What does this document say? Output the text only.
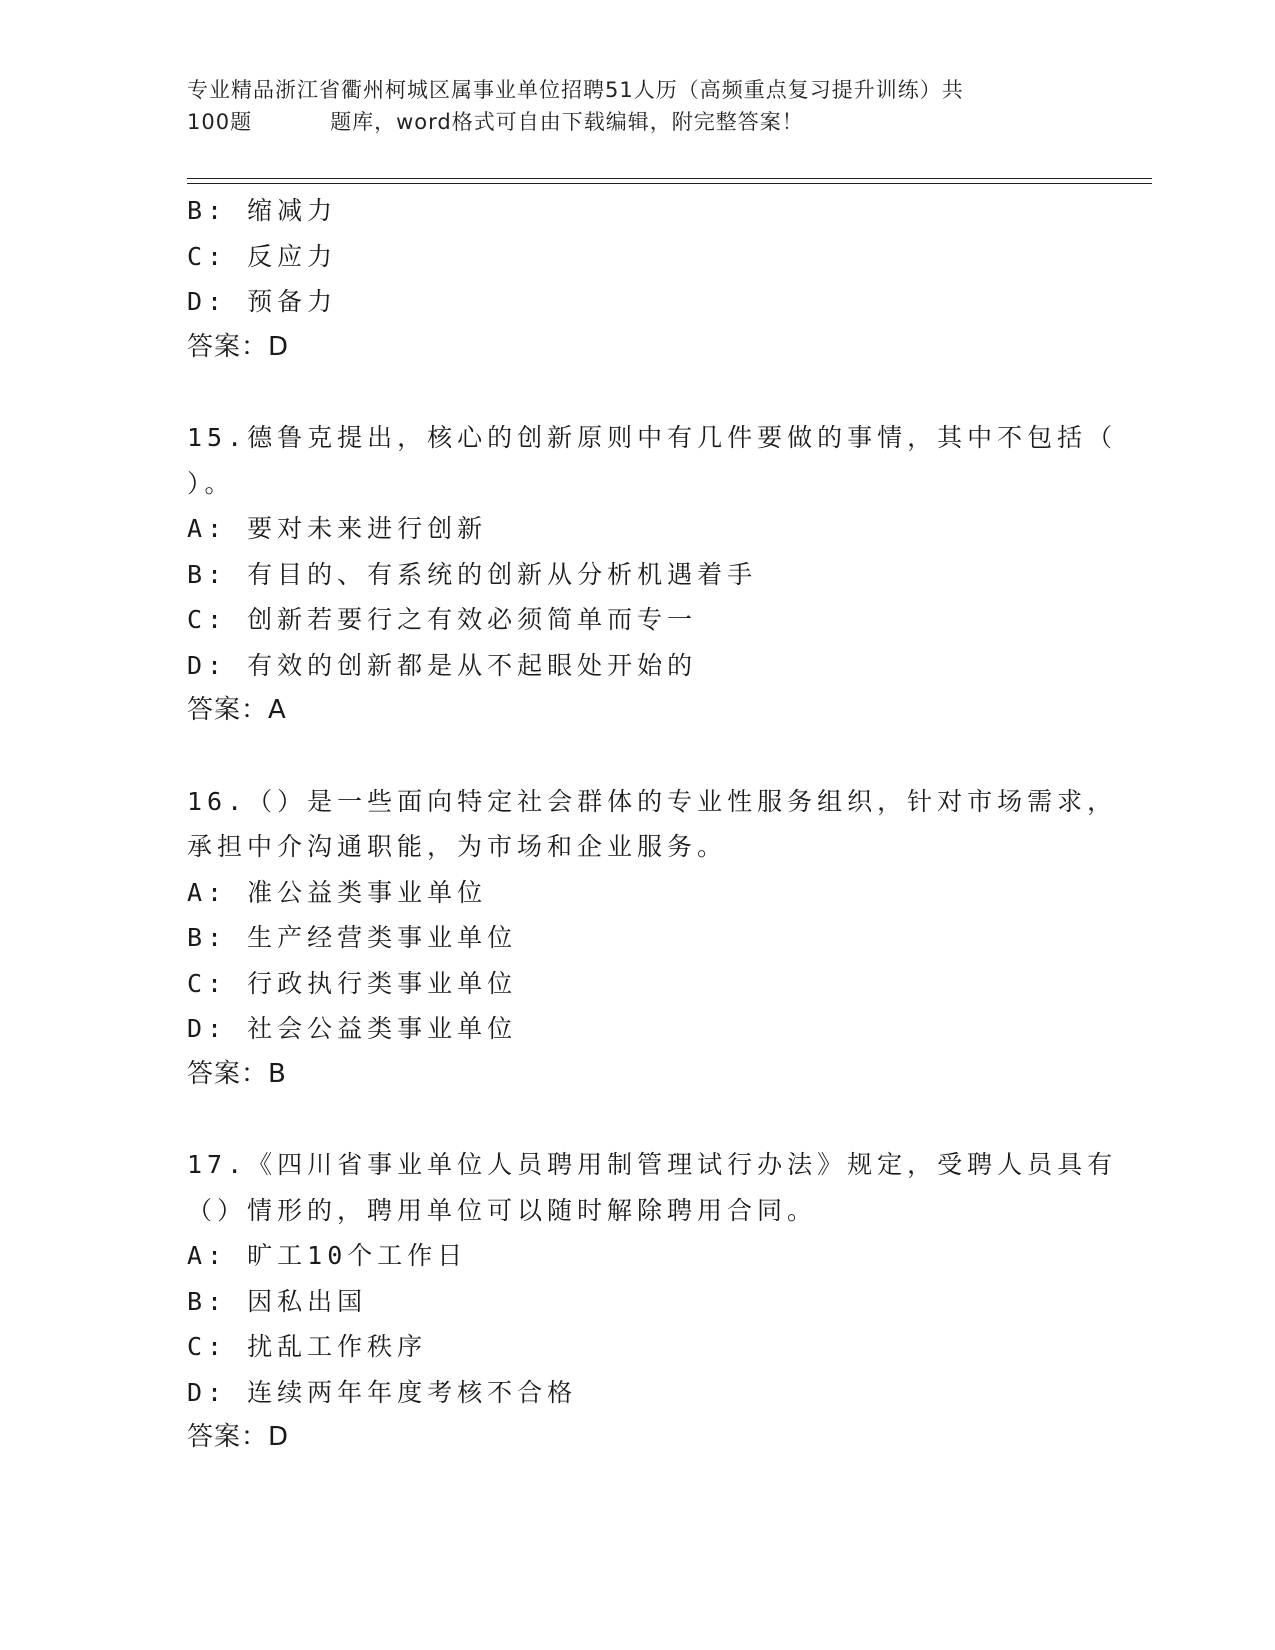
专业精品浙江省衢州柯城区属事业单位招聘51人历（高频重点复习提升训练）共
100题	题库，word格式可自由下载编辑，附完整答案！
B: 缩减力
C: 反应力
D: 预备力
答案：D
15.德鲁克提出，核心的创新原则中有几件要做的事情，其中不包括（
）。
A: 要对未来进行创新
B: 有目的、有系统的创新从分析机遇着手
C: 创新若要行之有效必须简单而专一
D: 有效的创新都是从不起眼处开始的
答案：A
16.（）是一些面向特定社会群体的专业性服务组织，针对市场需求，
承担中介沟通职能，为市场和企业服务。
A: 准公益类事业单位
B: 生产经营类事业单位
C: 行政执行类事业单位
D: 社会公益类事业单位
答案：B
17.《四川省事业单位人员聘用制管理试行办法》规定，受聘人员具有
（）情形的，聘用单位可以随时解除聘用合同。
A: 旷工10个工作日
B: 因私出国
C: 扰乱工作秩序
D: 连续两年年度考核不合格
答案：D
